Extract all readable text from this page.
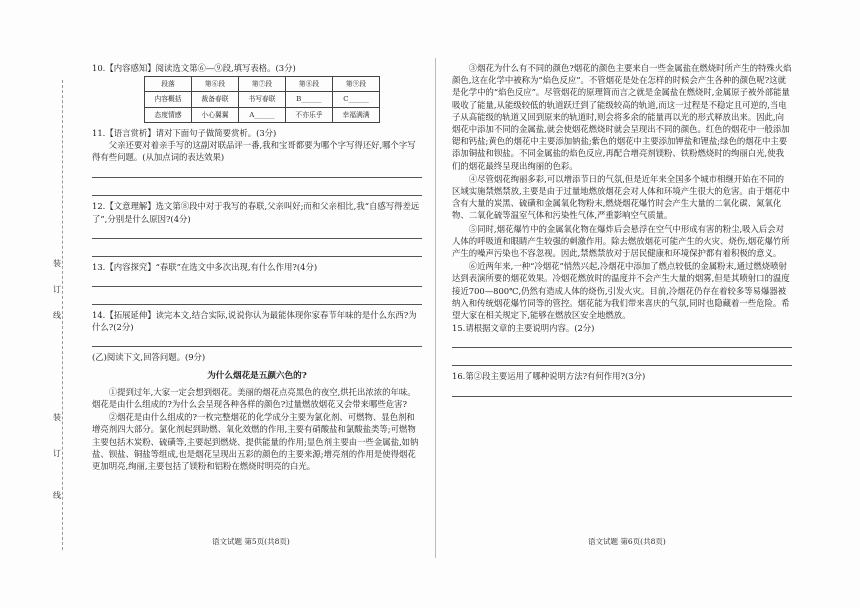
装
订
线
装
订
线

10.【内容感知】阅读选文第⑥—⑨段,填写表格。(3分)

段落	第⑥段	第⑦段	第⑧段	第⑨段
内容概括	裁备春联	书写春联	B______	C______
态度情感	小心翼翼	A______	不亦乐乎	幸福满满

11.【语言赏析】请对下面句子做简要赏析。(3分)

父亲还要对着亲手写的这副对联品评一番,我和宝哥都要为哪个字写得还好,哪个字写得有些问题。(从加点词的表达效果)

12.【文意理解】选文第⑧段中对于我写的春联,父亲叫好;而和父亲相比,我“自感写得差远了”,分别是什么原因?(4分)

13.【内容探究】“春联”在选文中多次出现,有什么作用?(4分)

14.【拓展延伸】读完本文,结合实际,说说你认为最能体现你家春节年味的是什么东西?为什么?(2分)

(乙)阅读下文,回答问题。(9分)

为什么烟花是五颜六色的?

①提到过年,大家一定会想到烟花。美丽的烟花点亮黑色的夜空,烘托出浓浓的年味。烟花是由什么组成的?为什么会呈现各种各样的颜色?过量燃放烟花又会带来哪些危害?

②烟花是由什么组成的?一枚完整烟花的化学成分主要为氯化剂、可燃物、显色剂和增亮剂四大部分。氯化剂起到助燃、氧化效燃的作用,主要有硝酸盐和氯酸盐类等;可燃物主要包括木炭粉、硫磺等,主要起到燃烧、提供能量的作用;显色剂主要由一些金属盐,如钠盐、钡盐、铜盐等组成,也是烟花呈现出五彩的颜色的主要来源;增亮剂的作用是使得烟花更加明亮,绚丽,主要包括了镁粉和铝粉在燃烧时明亮的白光。

语文试题 第5页(共8页)

③烟花为什么有不同的颜色?烟花的颜色主要来自一些金属盐在燃烧时所产生的特殊火焰颜色,这在化学中被称为“焰色反应”。不管烟花是处在怎样的时候会产生各种的颜色呢?这就是化学中的“焰色反应”。尽管烟花的原理简而言之就是金属盐在燃烧时,金属原子被外部能量吸收了能量,从能级较低的轨道跃迁到了能级较高的轨道,而这一过程是不稳定且可逆的,当电子从高能级的轨道又回到原来的轨道时,则会将多余的能量再以光的形式释放出来。因此,向烟花中添加不同的金属盐,就会使烟花燃烧时就会呈现出不同的颜色。红色的烟花中一般添加锶和钙盐;黄色的烟花中主要添加钠盐;紫色的烟花中主要添加钾盐和锂盐;绿色的烟花中主要添加铜盐和钡盐。不同金属盐的焰色反应,再配合增亮剂镁粉、铁粉燃烧时的绚丽白光,使我们的烟花最终呈现出绚丽的色彩。

④尽管烟花绚丽多彩,可以增添节日的气氛,但是近年来全国多个城市相继开始在不同的区域实施禁燃禁放,主要是由于过量地燃放烟花会对人体和环境产生很大的危害。由于烟花中含有大量的炭黑、硫磺和金属氧化物粉末,燃烧烟花爆竹时会产生大量的二氧化碳、氮氧化物、二氧化硫等温室气体和污染性气体,严重影响空气质量。

⑤同时,烟花爆竹中的金属氧化物在爆炸后会悬浮在空气中形成有害的粉尘,吸入后会对人体的呼吸道和眼睛产生较强的刺激作用。除去燃放烟花可能产生的火灾、烧伤,烟花爆竹所产生的噪声污染也不容忽视。因此,禁燃禁放对于居民健康和环境保护都有着积极的意义。

⑥近两年来,一种“冷烟花”悄然兴起,冷烟花中添加了燃点较低的金属粉末,通过燃烧喷射达到表演所要的烟花效果。冷烟花燃放时的温度并不会产生大量的烟雾,但是其喷射口的温度接近700—800℃,仍然有造成人体的烧伤,引发火灾。目前,冷烟花仍存在着较多等易爆器被纳入和传统烟花爆竹同等的管控。烟花能为我们带来喜庆的气氛,同时也隐藏着一些危险。希望大家在相关规定下,能够在燃放区安全地燃放。

15.请根据文章的主要说明内容。(2分)

16.第②段主要运用了哪种说明方法?有何作用?(3分)

语文试题 第6页(共8页)
